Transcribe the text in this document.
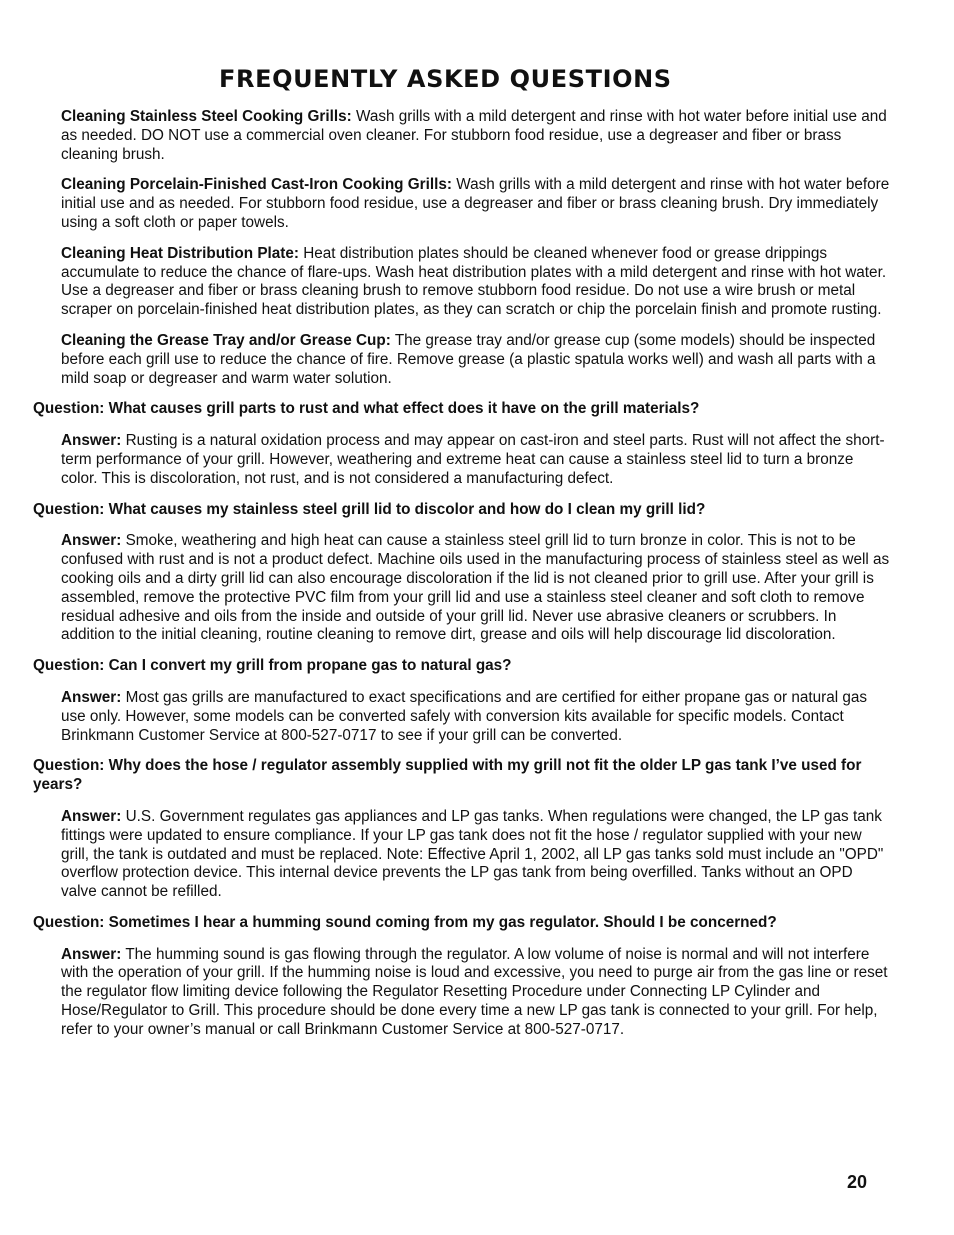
FREQUENTLY ASKED QUESTIONS

Cleaning Stainless Steel Cooking Grills: Wash grills with a mild detergent and rinse with hot water before initial use and as needed. DO NOT use a commercial oven cleaner. For stubborn food residue, use a degreaser and fiber or brass cleaning brush.

Cleaning Porcelain-Finished Cast-Iron Cooking Grills: Wash grills with a mild detergent and rinse with hot water before initial use and as needed. For stubborn food residue, use a degreaser and fiber or brass cleaning brush. Dry immediately using a soft cloth or paper towels.

Cleaning Heat Distribution Plate: Heat distribution plates should be cleaned whenever food or grease drippings accumulate to reduce the chance of flare-ups. Wash heat distribution plates with a mild detergent and rinse with hot water. Use a degreaser and fiber or brass cleaning brush to remove stubborn food residue. Do not use a wire brush or metal scraper on porcelain-finished heat distribution plates, as they can scratch or chip the porcelain finish and promote rusting.

Cleaning the Grease Tray and/or Grease Cup: The grease tray and/or grease cup (some models) should be inspected before each grill use to reduce the chance of fire. Remove grease (a plastic spatula works well) and wash all parts with a mild soap or degreaser and warm water solution.

Question: What causes grill parts to rust and what effect does it have on the grill materials?

Answer: Rusting is a natural oxidation process and may appear on cast-iron and steel parts. Rust will not affect the short-term performance of your grill. However, weathering and extreme heat can cause a stainless steel lid to turn a bronze color. This is discoloration, not rust, and is not considered a manufacturing defect.

Question: What causes my stainless steel grill lid to discolor and how do I clean my grill lid?

Answer: Smoke, weathering and high heat can cause a stainless steel grill lid to turn bronze in color. This is not to be confused with rust and is not a product defect. Machine oils used in the manufacturing process of stainless steel as well as cooking oils and a dirty grill lid can also encourage discoloration if the lid is not cleaned prior to grill use. After your grill is assembled, remove the protective PVC film from your grill lid and use a stainless steel cleaner and soft cloth to remove residual adhesive and oils from the inside and outside of your grill lid. Never use abrasive cleaners or scrubbers. In addition to the initial cleaning, routine cleaning to remove dirt, grease and oils will help discourage lid discoloration.

Question: Can I convert my grill from propane gas to natural gas?

Answer: Most gas grills are manufactured to exact specifications and are certified for either propane gas or natural gas use only. However, some models can be converted safely with conversion kits available for specific models. Contact Brinkmann Customer Service at 800-527-0717 to see if your grill can be converted.

Question: Why does the hose / regulator assembly supplied with my grill not fit the older LP gas tank I’ve used for years?

Answer: U.S. Government regulates gas appliances and LP gas tanks. When regulations were changed, the LP gas tank fittings were updated to ensure compliance. If your LP gas tank does not fit the hose / regulator supplied with your new grill, the tank is outdated and must be replaced. Note: Effective April 1, 2002, all LP gas tanks sold must include an "OPD" overflow protection device. This internal device prevents the LP gas tank from being overfilled. Tanks without an OPD valve cannot be refilled.

Question: Sometimes I hear a humming sound coming from my gas regulator. Should I be concerned?

Answer: The humming sound is gas flowing through the regulator. A low volume of noise is normal and will not interfere with the operation of your grill. If the humming noise is loud and excessive, you need to purge air from the gas line or reset the regulator flow limiting device following the Regulator Resetting Procedure under Connecting LP Cylinder and Hose/Regulator to Grill. This procedure should be done every time a new LP gas tank is connected to your grill. For help, refer to your owner’s manual or call Brinkmann Customer Service at 800-527-0717.

20
